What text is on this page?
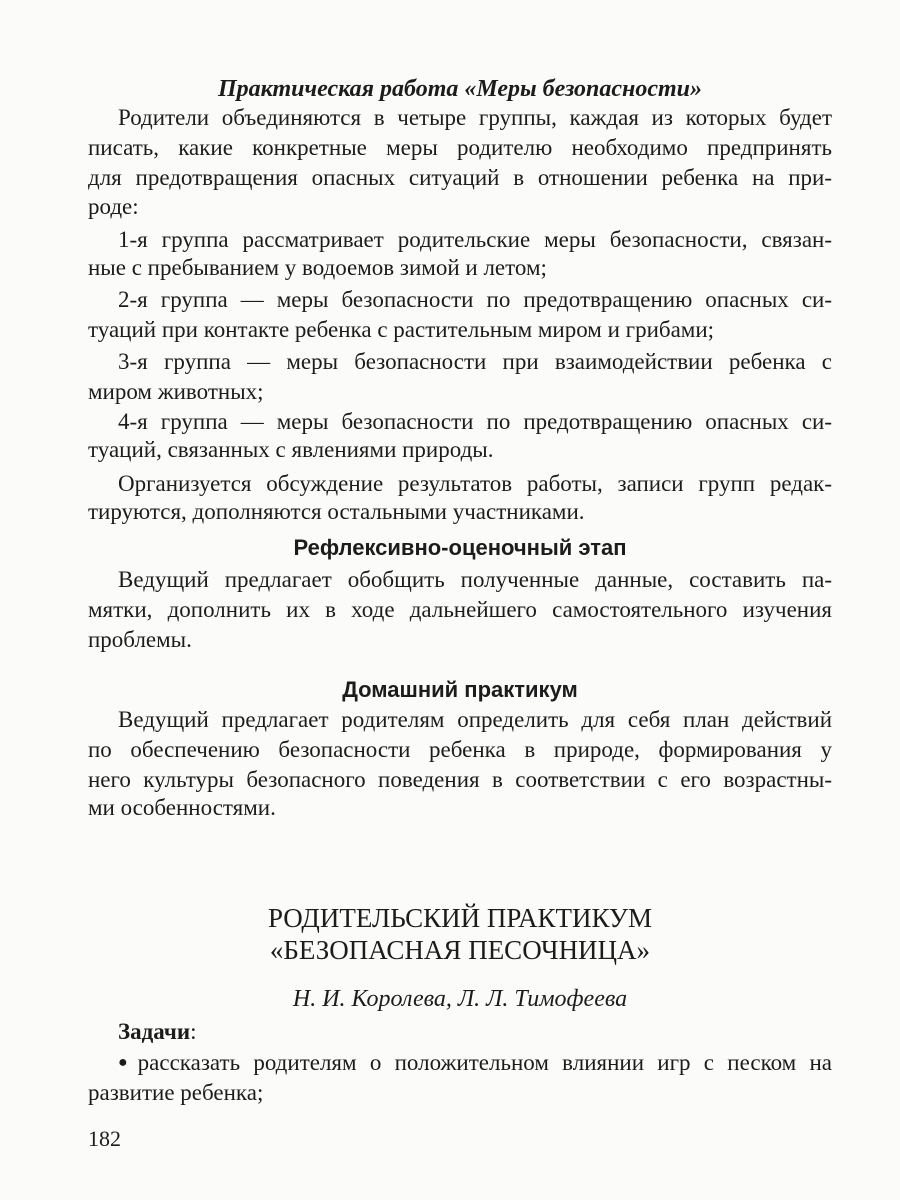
Практическая работа «Меры безопасности»
Родители объединяются в четыре группы, каждая из которых будет
писать, какие конкретные меры родителю необходимо предпринять
для предотвращения опасных ситуаций в отношении ребенка на при-
роде:
1-я группа рассматривает родительские меры безопасности, связан-
ные с пребыванием у водоемов зимой и летом;
2-я группа — меры безопасности по предотвращению опасных си-
туаций при контакте ребенка с растительным миром и грибами;
3-я группа — меры безопасности при взаимодействии ребенка с
миром животных;
4-я группа — меры безопасности по предотвращению опасных си-
туаций, связанных с явлениями природы.
Организуется обсуждение результатов работы, записи групп редак-
тируются, дополняются остальными участниками.
Рефлексивно-оценочный этап
Ведущий предлагает обобщить полученные данные, составить па-
мятки, дополнить их в ходе дальнейшего самостоятельного изучения
проблемы.
Домашний практикум
Ведущий предлагает родителям определить для себя план действий
по обеспечению безопасности ребенка в природе, формирования у
него культуры безопасного поведения в соответствии с его возрастны-
ми особенностями.
РОДИТЕЛЬСКИЙ ПРАКТИКУМ
«БЕЗОПАСНАЯ ПЕСОЧНИЦА»
Н. И. Королева, Л. Л. Тимофеева
Задачи:
● рассказать родителям о положительном влиянии игр с песком на
развитие ребенка;
182
